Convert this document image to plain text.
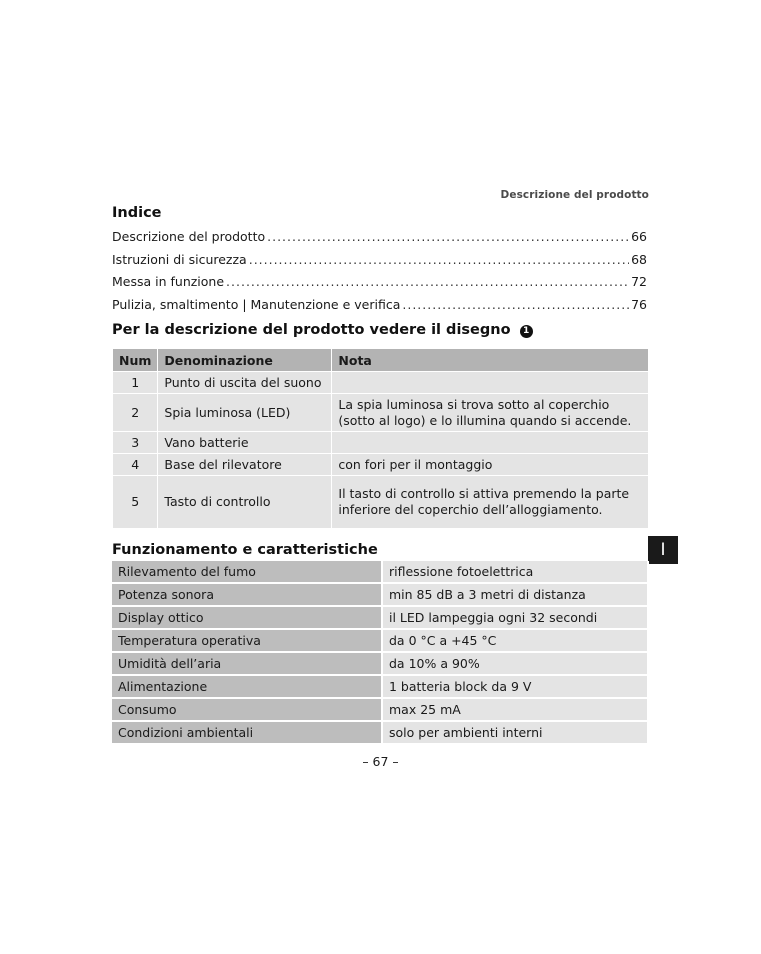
Descrizione del prodotto
Indice
Descrizione del prodotto .....	66
Istruzioni di sicurezza .....	68
Messa in funzione .....	72
Pulizia, smaltimento | Manutenzione e verifica .....	76
Per la descrizione del prodotto vedere il disegno 1
Num	Denominazione	Nota
1	Punto di uscita del suono	
2	Spia luminosa (LED)	La spia luminosa si trova sotto al coperchio (sotto al logo) e lo illumina quando si accende.
3	Vano batterie	
4	Base del rilevatore	con fori per il montaggio
5	Tasto di controllo	Il tasto di controllo si attiva premendo la parte inferiore del coperchio dell’alloggiamento.
Funzionamento e caratteristiche	I
Rilevamento del fumo	riflessione fotoelettrica
Potenza sonora	min 85 dB a 3 metri di distanza
Display ottico	il LED lampeggia ogni 32 secondi
Temperatura operativa	da 0 °C a +45 °C
Umidità dell’aria	da 10% a 90%
Alimentazione	1 batteria block da 9 V
Consumo	max 25 mA
Condizioni ambientali	solo per ambienti interni
– 67 –
